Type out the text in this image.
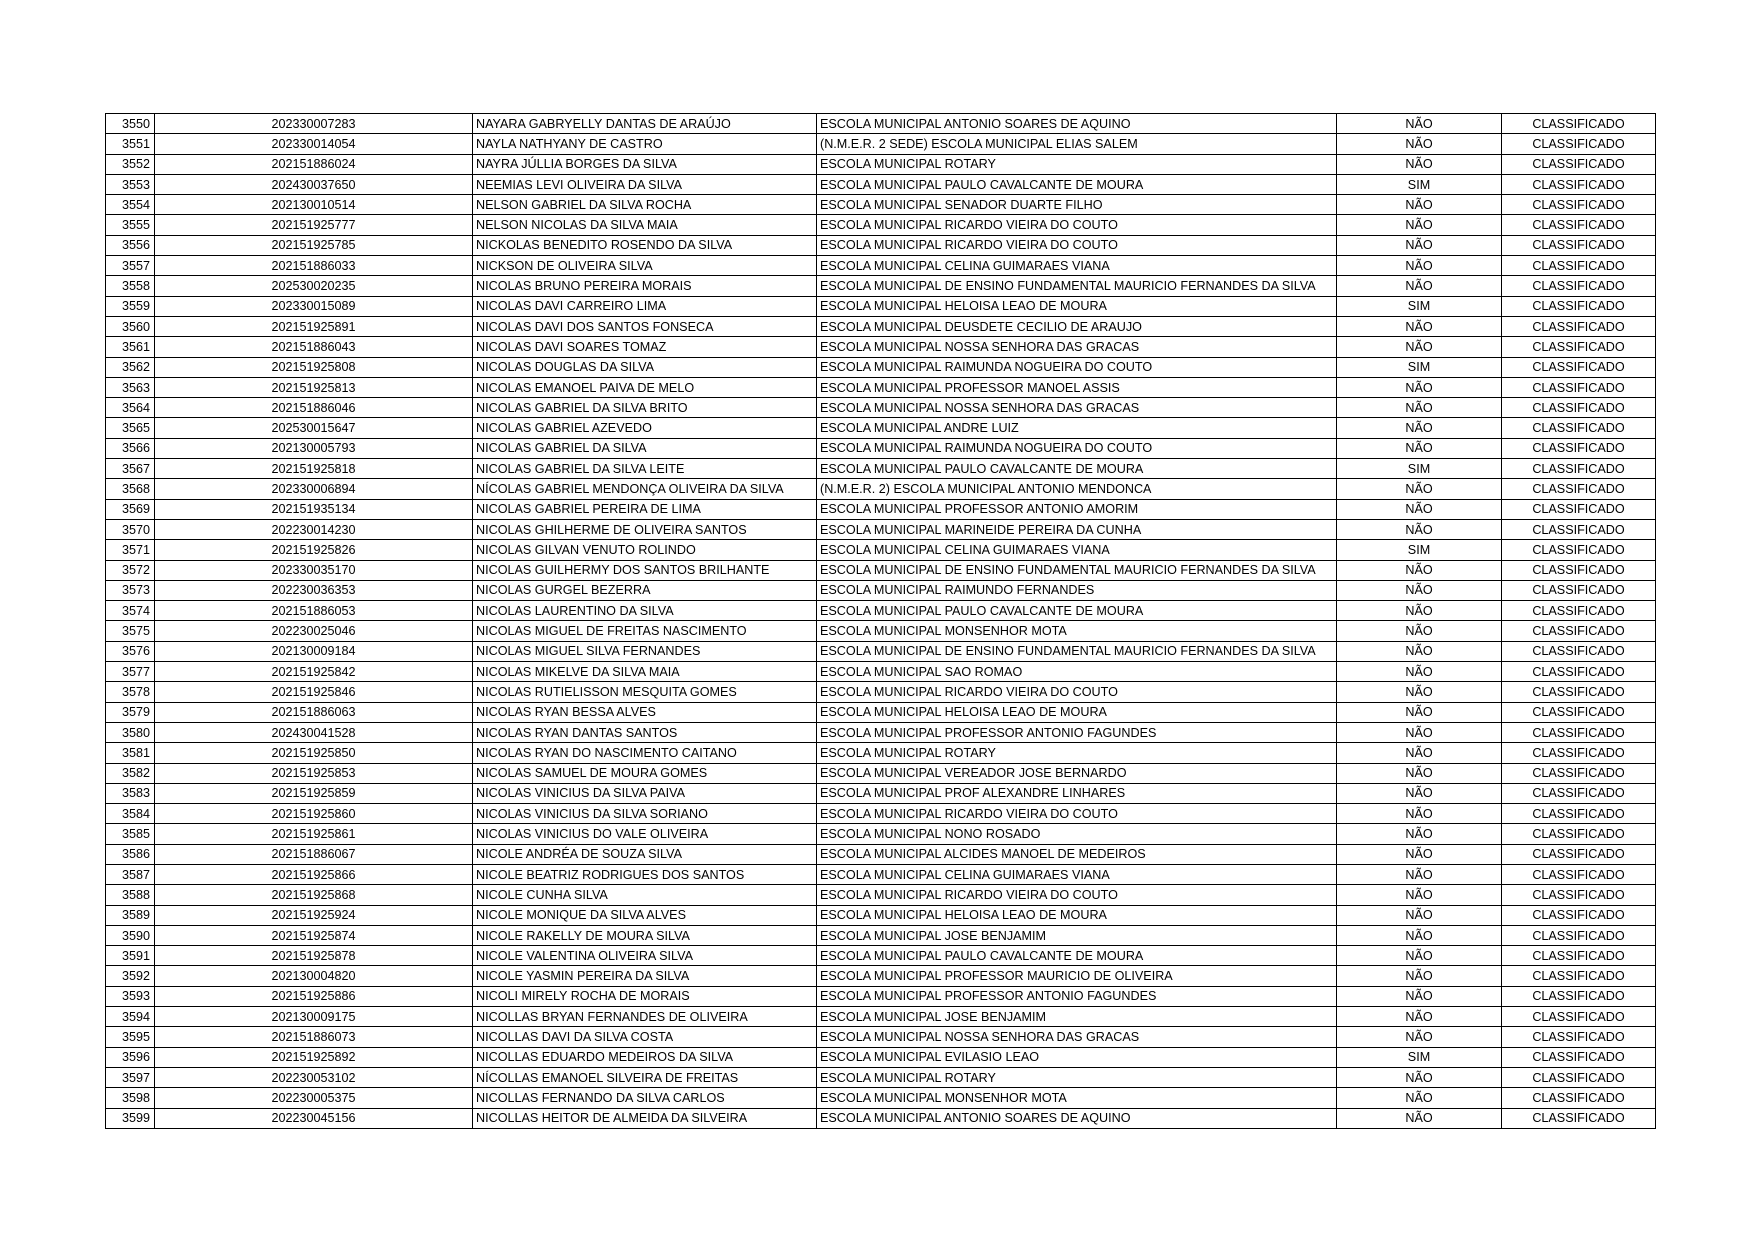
3550	202330007283	NAYARA GABRYELLY DANTAS DE ARAÚJO	ESCOLA MUNICIPAL ANTONIO SOARES DE AQUINO	NÃO	CLASSIFICADO
3551	202330014054	NAYLA NATHYANY DE CASTRO	(N.M.E.R. 2 SEDE) ESCOLA MUNICIPAL ELIAS SALEM	NÃO	CLASSIFICADO
3552	202151886024	NAYRA JÚLLIA BORGES DA SILVA	ESCOLA MUNICIPAL ROTARY	NÃO	CLASSIFICADO
3553	202430037650	NEEMIAS LEVI OLIVEIRA DA SILVA	ESCOLA MUNICIPAL PAULO CAVALCANTE DE MOURA	SIM	CLASSIFICADO
3554	202130010514	NELSON GABRIEL DA SILVA ROCHA	ESCOLA MUNICIPAL SENADOR DUARTE FILHO	NÃO	CLASSIFICADO
3555	202151925777	NELSON NICOLAS DA SILVA MAIA	ESCOLA MUNICIPAL RICARDO VIEIRA DO COUTO	NÃO	CLASSIFICADO
3556	202151925785	NICKOLAS BENEDITO ROSENDO DA SILVA	ESCOLA MUNICIPAL RICARDO VIEIRA DO COUTO	NÃO	CLASSIFICADO
3557	202151886033	NICKSON DE OLIVEIRA SILVA	ESCOLA MUNICIPAL CELINA GUIMARAES VIANA	NÃO	CLASSIFICADO
3558	202530020235	NICOLAS BRUNO PEREIRA MORAIS	ESCOLA MUNICIPAL DE ENSINO FUNDAMENTAL MAURICIO FERNANDES DA SILVA	NÃO	CLASSIFICADO
3559	202330015089	NICOLAS DAVI CARREIRO LIMA	ESCOLA MUNICIPAL HELOISA LEAO DE MOURA	SIM	CLASSIFICADO
3560	202151925891	NICOLAS DAVI DOS SANTOS FONSECA	ESCOLA MUNICIPAL DEUSDETE CECILIO DE ARAUJO	NÃO	CLASSIFICADO
3561	202151886043	NICOLAS DAVI SOARES TOMAZ	ESCOLA MUNICIPAL NOSSA SENHORA DAS GRACAS	NÃO	CLASSIFICADO
3562	202151925808	NICOLAS DOUGLAS DA SILVA	ESCOLA MUNICIPAL RAIMUNDA NOGUEIRA DO COUTO	SIM	CLASSIFICADO
3563	202151925813	NICOLAS EMANOEL PAIVA DE MELO	ESCOLA MUNICIPAL PROFESSOR MANOEL ASSIS	NÃO	CLASSIFICADO
3564	202151886046	NICOLAS GABRIEL DA SILVA BRITO	ESCOLA MUNICIPAL NOSSA SENHORA DAS GRACAS	NÃO	CLASSIFICADO
3565	202530015647	NICOLAS GABRIEL AZEVEDO	ESCOLA MUNICIPAL ANDRE LUIZ	NÃO	CLASSIFICADO
3566	202130005793	NICOLAS GABRIEL DA SILVA	ESCOLA MUNICIPAL RAIMUNDA NOGUEIRA DO COUTO	NÃO	CLASSIFICADO
3567	202151925818	NICOLAS GABRIEL DA SILVA LEITE	ESCOLA MUNICIPAL PAULO CAVALCANTE DE MOURA	SIM	CLASSIFICADO
3568	202330006894	NÍCOLAS GABRIEL MENDONÇA OLIVEIRA DA SILVA	(N.M.E.R. 2) ESCOLA MUNICIPAL ANTONIO MENDONCA	NÃO	CLASSIFICADO
3569	202151935134	NICOLAS GABRIEL PEREIRA DE LIMA	ESCOLA MUNICIPAL PROFESSOR ANTONIO AMORIM	NÃO	CLASSIFICADO
3570	202230014230	NICOLAS GHILHERME DE OLIVEIRA SANTOS	ESCOLA MUNICIPAL MARINEIDE PEREIRA DA CUNHA	NÃO	CLASSIFICADO
3571	202151925826	NICOLAS GILVAN VENUTO ROLINDO	ESCOLA MUNICIPAL CELINA GUIMARAES VIANA	SIM	CLASSIFICADO
3572	202330035170	NICOLAS GUILHERMY DOS SANTOS BRILHANTE	ESCOLA MUNICIPAL DE ENSINO FUNDAMENTAL MAURICIO FERNANDES DA SILVA	NÃO	CLASSIFICADO
3573	202230036353	NICOLAS GURGEL BEZERRA	ESCOLA MUNICIPAL RAIMUNDO FERNANDES	NÃO	CLASSIFICADO
3574	202151886053	NICOLAS LAURENTINO DA SILVA	ESCOLA MUNICIPAL PAULO CAVALCANTE DE MOURA	NÃO	CLASSIFICADO
3575	202230025046	NICOLAS MIGUEL DE FREITAS NASCIMENTO	ESCOLA MUNICIPAL MONSENHOR MOTA	NÃO	CLASSIFICADO
3576	202130009184	NICOLAS MIGUEL SILVA FERNANDES	ESCOLA MUNICIPAL DE ENSINO FUNDAMENTAL MAURICIO FERNANDES DA SILVA	NÃO	CLASSIFICADO
3577	202151925842	NICOLAS MIKELVE DA SILVA MAIA	ESCOLA MUNICIPAL SAO ROMAO	NÃO	CLASSIFICADO
3578	202151925846	NICOLAS RUTIELISSON MESQUITA GOMES	ESCOLA MUNICIPAL RICARDO VIEIRA DO COUTO	NÃO	CLASSIFICADO
3579	202151886063	NICOLAS RYAN BESSA ALVES	ESCOLA MUNICIPAL HELOISA LEAO DE MOURA	NÃO	CLASSIFICADO
3580	202430041528	NICOLAS RYAN DANTAS SANTOS	ESCOLA MUNICIPAL PROFESSOR ANTONIO FAGUNDES	NÃO	CLASSIFICADO
3581	202151925850	NICOLAS RYAN DO NASCIMENTO CAITANO	ESCOLA MUNICIPAL ROTARY	NÃO	CLASSIFICADO
3582	202151925853	NICOLAS SAMUEL DE MOURA GOMES	ESCOLA MUNICIPAL VEREADOR JOSE BERNARDO	NÃO	CLASSIFICADO
3583	202151925859	NICOLAS VINICIUS DA SILVA PAIVA	ESCOLA MUNICIPAL PROF ALEXANDRE LINHARES	NÃO	CLASSIFICADO
3584	202151925860	NICOLAS VINICIUS DA SILVA SORIANO	ESCOLA MUNICIPAL RICARDO VIEIRA DO COUTO	NÃO	CLASSIFICADO
3585	202151925861	NICOLAS VINICIUS DO VALE OLIVEIRA	ESCOLA MUNICIPAL NONO ROSADO	NÃO	CLASSIFICADO
3586	202151886067	NICOLE ANDRÉA DE SOUZA SILVA	ESCOLA MUNICIPAL ALCIDES MANOEL DE MEDEIROS	NÃO	CLASSIFICADO
3587	202151925866	NICOLE BEATRIZ RODRIGUES DOS SANTOS	ESCOLA MUNICIPAL CELINA GUIMARAES VIANA	NÃO	CLASSIFICADO
3588	202151925868	NICOLE CUNHA SILVA	ESCOLA MUNICIPAL RICARDO VIEIRA DO COUTO	NÃO	CLASSIFICADO
3589	202151925924	NICOLE MONIQUE DA SILVA ALVES	ESCOLA MUNICIPAL HELOISA LEAO DE MOURA	NÃO	CLASSIFICADO
3590	202151925874	NICOLE RAKELLY DE MOURA SILVA	ESCOLA MUNICIPAL JOSE BENJAMIM	NÃO	CLASSIFICADO
3591	202151925878	NICOLE VALENTINA OLIVEIRA SILVA	ESCOLA MUNICIPAL PAULO CAVALCANTE DE MOURA	NÃO	CLASSIFICADO
3592	202130004820	NICOLE YASMIN PEREIRA DA SILVA	ESCOLA MUNICIPAL PROFESSOR MAURICIO DE OLIVEIRA	NÃO	CLASSIFICADO
3593	202151925886	NICOLI MIRELY ROCHA DE MORAIS	ESCOLA MUNICIPAL PROFESSOR ANTONIO FAGUNDES	NÃO	CLASSIFICADO
3594	202130009175	NICOLLAS BRYAN FERNANDES DE OLIVEIRA	ESCOLA MUNICIPAL JOSE BENJAMIM	NÃO	CLASSIFICADO
3595	202151886073	NICOLLAS DAVI DA SILVA COSTA	ESCOLA MUNICIPAL NOSSA SENHORA DAS GRACAS	NÃO	CLASSIFICADO
3596	202151925892	NICOLLAS EDUARDO MEDEIROS DA SILVA	ESCOLA MUNICIPAL EVILASIO LEAO	SIM	CLASSIFICADO
3597	202230053102	NÍCOLLAS EMANOEL SILVEIRA DE FREITAS	ESCOLA MUNICIPAL ROTARY	NÃO	CLASSIFICADO
3598	202230005375	NICOLLAS FERNANDO DA SILVA CARLOS	ESCOLA MUNICIPAL MONSENHOR MOTA	NÃO	CLASSIFICADO
3599	202230045156	NICOLLAS HEITOR DE ALMEIDA DA SILVEIRA	ESCOLA MUNICIPAL ANTONIO SOARES DE AQUINO	NÃO	CLASSIFICADO
